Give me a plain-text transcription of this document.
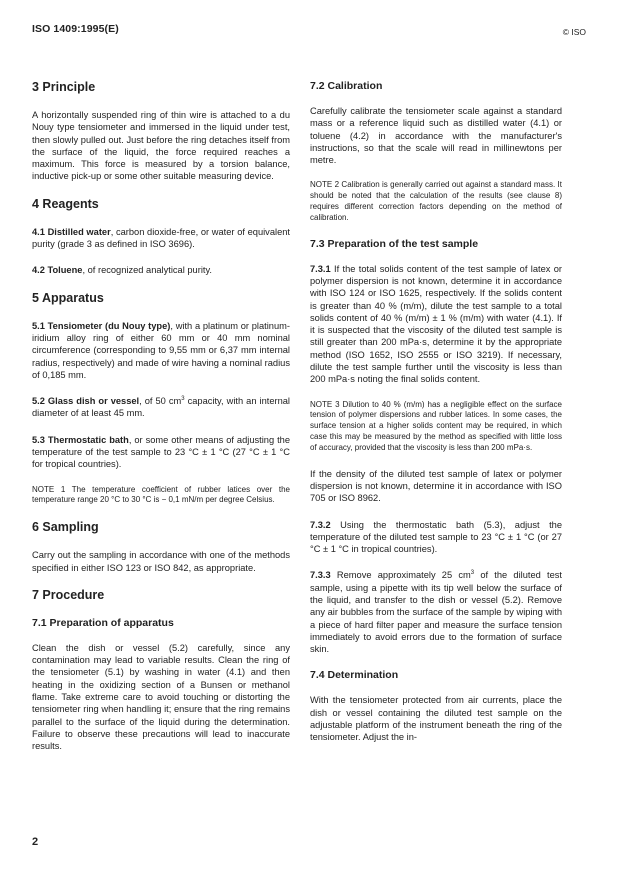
ISO 1409:1995(E)	© ISO
3 Principle

A horizontally suspended ring of thin wire is attached to a du Nouy type tensiometer and immersed in the liquid under test, then slowly pulled out. Just before the ring detaches itself from the surface of the liquid, the force required reaches a maximum. This force is measured by a torsion balance, inductive pick-up or some other suitable measuring device.

4 Reagents

4.1 Distilled water, carbon dioxide-free, or water of equivalent purity (grade 3 as defined in ISO 3696).

4.2 Toluene, of recognized analytical purity.

5 Apparatus

5.1 Tensiometer (du Nouy type), with a platinum or platinum-iridium alloy ring of either 60 mm or 40 mm nominal circumference (corresponding to 9,55 mm or 6,37 mm internal radius, respectively) and made of wire having a nominal radius of 0,185 mm.

5.2 Glass dish or vessel, of 50 $cm^3$ capacity, with an internal diameter of at least 45 mm.

5.3 Thermostatic bath, or some other means of adjusting the temperature of the test sample to 23 °C ± 1 °C (27 °C ± 1 °C for tropical countries).

NOTE 1 The temperature coefficient of rubber latices over the temperature range 20 °C to 30 °C is − 0,1 mN/m per degree Celsius.
6 Sampling

Carry out the sampling in accordance with one of the methods specified in either ISO 123 or ISO 842, as appropriate.

7 Procedure
7.1 Preparation of apparatus

Clean the dish or vessel (5.2) carefully, since any contamination may lead to variable results. Clean the ring of the tensiometer (5.1) by washing in water (4.1) and then heating in the oxidizing section of a Bunsen or methanol flame. Take extreme care to avoid touching or distorting the tensiometer ring when handling it; ensure that the ring remains parallel to the surface of the liquid during the determination. Failure to observe these precautions will lead to inaccurate results.

7.2 Calibration

Carefully calibrate the tensiometer scale against a standard mass or a reference liquid such as distilled water (4.1) or toluene (4.2) in accordance with the manufacturer's instructions, so that the scale will read in millinewtons per metre.

NOTE 2 Calibration is generally carried out against a standard mass. It should be noted that the calculation of the results (see clause 8) requires different correction factors depending on the method of calibration.
7.3 Preparation of the test sample

7.3.1 If the total solids content of the test sample of latex or polymer dispersion is not known, determine it in accordance with ISO 124 or ISO 1625, respectively. If the solids content is greater than 40 % (m/m), dilute the test sample to a total solids content of 40 % (m/m) ± 1 % (m/m) with water (4.1). If it is suspected that the viscosity of the diluted test sample is still greater than 200 mPa·s, determine it by the appropriate method (ISO 1652, ISO 2555 or ISO 3219). If necessary, dilute the test sample further until the viscosity is less than 200 mPa·s noting the final solids content.

NOTE 3 Dilution to 40 % (m/m) has a negligible effect on the surface tension of polymer dispersions and rubber latices. In some cases, the surface tension at a higher solids content may be required, in which case this may be measured by the method as specified with little loss of accuracy, provided that the viscosity is less than 200 mPa·s.

If the density of the diluted test sample of latex or polymer dispersion is not known, determine it in accordance with ISO 705 or ISO 8962.

7.3.2 Using the thermostatic bath (5.3), adjust the temperature of the diluted test sample to 23 °C ± 1 °C (or 27 °C ± 1 °C in tropical countries).

7.3.3 Remove approximately 25 $cm^3$ of the diluted test sample, using a pipette with its tip well below the surface of the liquid, and transfer to the dish or vessel (5.2). Remove any air bubbles from the surface of the sample by wiping with a piece of hard filter paper and measure the surface tension immediately to avoid errors due to the formation of surface skin.

7.4 Determination

With the tensiometer protected from air currents, place the dish or vessel containing the diluted test sample on the adjustable platform of the instrument beneath the ring of the tensiometer. Adjust the in-

2
